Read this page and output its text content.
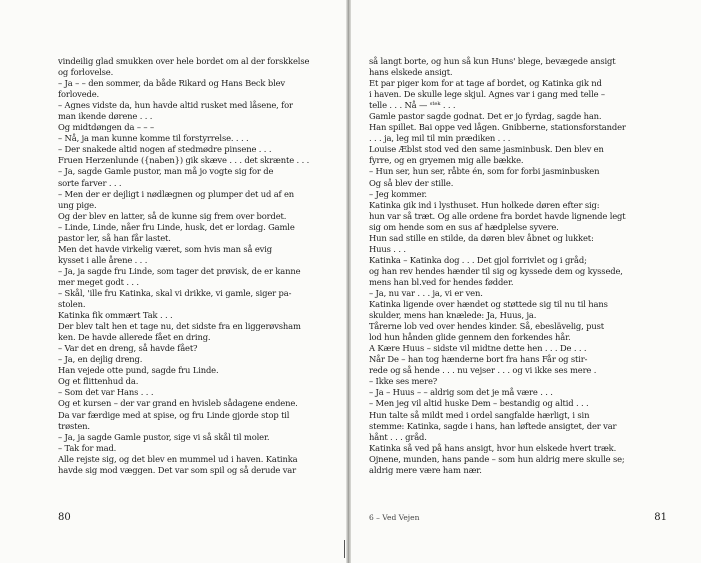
vindeilig glad smukken over hele bordet om al der forskkelse
og forlovelse.
– Ja – – den sommer, da både Rikard og Hans Beck blev
forlovede.
– Agnes vidste da, hun havde altid rusket med låsene, for
man ikende dørene . . .
Og midtdøngen da – – –
– Nå, ja man kunne komme til forstyrrelse. . . .
– Der snakede altid nogen af stedmødre pinsene . . .
Fruen Herzenlunde ({naben}) gik skæve . . . det skrænte . . .
– Ja, sagde Gamle pustor, man må jo vogte sig for de
sorte farver . . .
– Men der er dejligt i nødlægnen og plumper det ud af en
ung pige.
Og der blev en latter, så de kunne sig frem over bordet.
– Linde, Linde, nåer fru Linde, husk, det er lordag. Gamle
pastor ler, så han får lastet.
Men det havde virkelig været, som hvis man så evig
kysset i alle årene . . .
– Ja, ja sagde fru Linde, som tager det prøvisk, de er kanne
mer meget godt . . .
– Skål, 'ille fru Katinka, skal vi drikke, vi gamle, siger pa-
stolen.
Katinka fik ommært Tak . . .
Der blev talt hen et tage nu, det sidste fra en liggerøvsham
ken. De havde allerede fået en dring.
– Var det en dreng, så havde fået?
– Ja, en dejlig dreng.
Han vejede otte pund, sagde fru Linde.
Og et flittenhud da.
– Som det var Hans . . .
Og et kursen – der var grand en hvisleb sådagene endene.
Da var færdige med at spise, og fru Linde gjorde stop til
trøsten.
– Ja, ja sagde Gamle pustor, sige vi så skål til moler.
– Tak for mad.
Alle rejste sig, og det blev en mummel ud i haven. Katinka
havde sig mod væggen. Det var som spil og så derude var
80
så langt borte, og hun så kun Huns' blege, bevægede ansigt
hans elskede ansigt.
Et par piger kom for at tage af bordet, og Katinka gik nd
i haven. De skulle lege skjul. Agnes var i gang med telle –
telle . . . Nå — ˢᵗᵉᵏ . . .
Gamle pastor sagde godnat. Det er jo fyrdag, sagde han.
Han spillet. Bai oppe ved lågen. Gnibberne, stationsforstander
. . . ja, leg mil til min prædiken . . .
Louise Æblst stod ved den same jasminbusk. Den blev en
fyrre, og en gryemen mig alle bække.
– Hun ser, hun ser, råbte én, som for forbi jasminbusken
Og så blev der stille.
– Jeg kommer.
Katinka gik ind i lysthuset. Hun holkede døren efter sig:
hun var så træt. Og alle ordene fra bordet havde lignende legt
sig om hende som en sus af hædplelse syvere.
Hun sad stille en stilde, da døren blev åbnet og lukket:
Huus . . .
Katinka – Katinka dog . . . Det gjol forrivlet og i gråd;
og han rev hendes hænder til sig og kyssede dem og kyssede,
mens han bl.ved for hendes fødder.
– Ja, nu var . . . ja, vi er ven.
Katinka ligende over hændet og støttede sig til nu til hans
skulder, mens han knælede: Ja, Huus, ja.
Tårerne lob ved over hendes kinder. Så, ebeslävelig, pust
lod hun hånden glide gennem den forkendes hår.
A Kære Huus – sidste vil midtne dette hen . . . De . . .
Når De – han tog hænderne bort fra hans Får og stir-
rede og så hende . . . nu vejser . . . og vi ikke ses mere .
– Ikke ses mere?
– Ja – Huus – – aldrig som det je må være . . .
– Men jeg vil altid huske Dem – bestandig og altid . . .
Hun talte så mildt med i ordel sangfalde hærligt, i sin
stemme: Katinka, sagde i hans, han løftede ansigtet, der var
hånt . . . gråd.
Katinka så ved på hans ansigt, hvor hun elskede hvert træk.
Ojnene, munden, hans pande – som hun aldrig mere skulle se;
aldrig mere være ham nær.
6 – Ved Vejen	81
